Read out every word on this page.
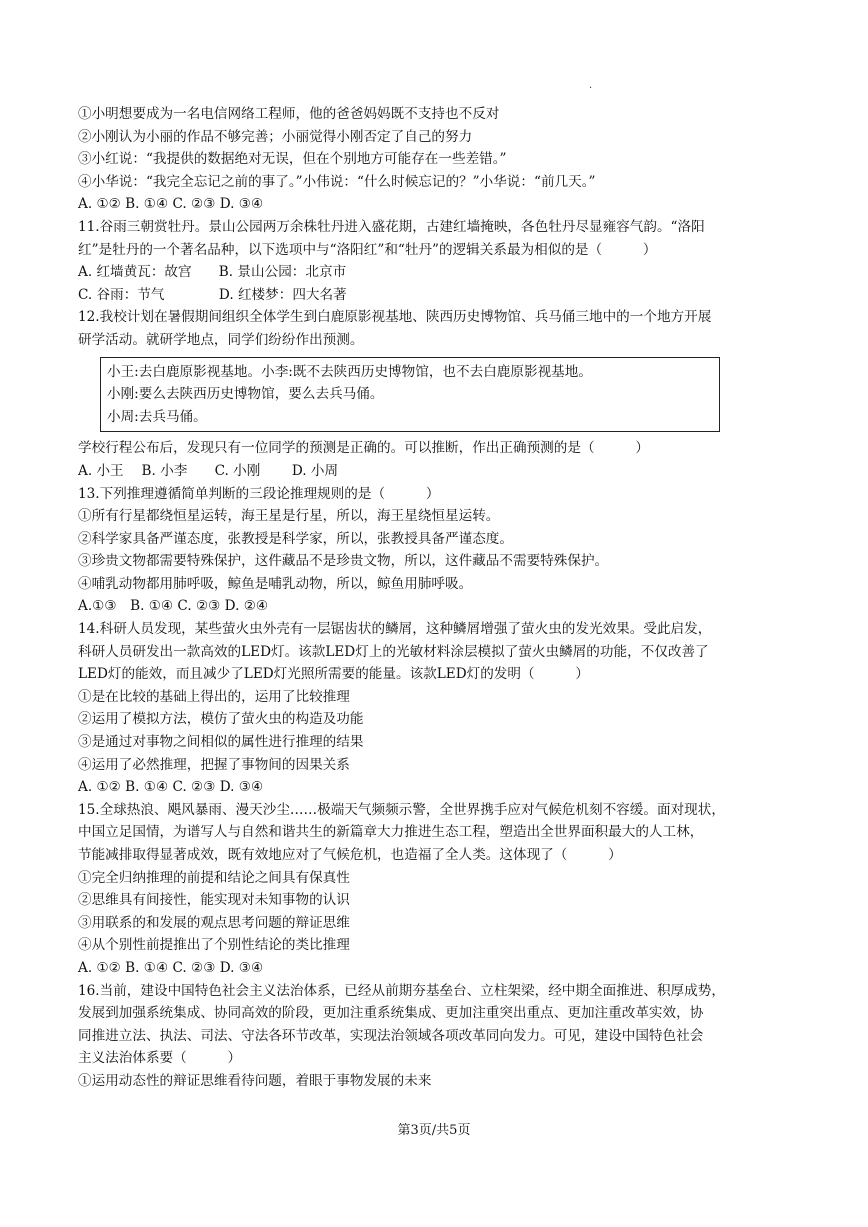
.
①小明想要成为一名电信网络工程师，他的爸爸妈妈既不支持也不反对
②小刚认为小丽的作品不够完善；小丽觉得小刚否定了自己的努力
③小红说：“我提供的数据绝对无误，但在个别地方可能存在一些差错。”
④小华说：“我完全忘记之前的事了。”小伟说：“什么时候忘记的？”小华说：“前几天。”
A. ①② B. ①④ C. ②③ D. ③④
11.谷雨三朝赏牡丹。景山公园两万余株牡丹进入盛花期，古建红墙掩映，各色牡丹尽显雍容气韵。“洛阳
红”是牡丹的一个著名品种，以下选项中与“洛阳红”和“牡丹”的逻辑关系最为相似的是（　　　）
A. 红墙黄瓦：故宫　　B. 景山公园：北京市
C. 谷雨：节气　　　　D. 红楼梦：四大名著
12.我校计划在暑假期间组织全体学生到白鹿原影视基地、陕西历史博物馆、兵马俑三地中的一个地方开展
研学活动。就研学地点，同学们纷纷作出预测。
小王:去白鹿原影视基地。小李:既不去陕西历史博物馆，也不去白鹿原影视基地。
小刚:要么去陕西历史博物馆，要么去兵马俑。
小周:去兵马俑。
学校行程公布后，发现只有一位同学的预测是正确的。可以推断，作出正确预测的是（　　　）
A. 小王　 B. 小李　　C. 小刚　　 D. 小周
13.下列推理遵循简单判断的三段论推理规则的是（　　　）
①所有行星都绕恒星运转，海王星是行星，所以，海王星绕恒星运转。
②科学家具备严谨态度，张教授是科学家，所以，张教授具备严谨态度。
③珍贵文物都需要特殊保护，这件藏品不是珍贵文物，所以，这件藏品不需要特殊保护。
④哺乳动物都用肺呼吸，鲸鱼是哺乳动物，所以，鲸鱼用肺呼吸。
A.①③　B. ①④ C. ②③ D. ②④
14.科研人员发现，某些萤火虫外壳有一层锯齿状的鳞屑，这种鳞屑增强了萤火虫的发光效果。受此启发，
科研人员研发出一款高效的LED灯。该款LED灯上的光敏材料涂层模拟了萤火虫鳞屑的功能，不仅改善了
LED灯的能效，而且减少了LED灯光照所需要的能量。该款LED灯的发明（　　　）
①是在比较的基础上得出的，运用了比较推理
②运用了模拟方法，模仿了萤火虫的构造及功能
③是通过对事物之间相似的属性进行推理的结果
④运用了必然推理，把握了事物间的因果关系
A. ①② B. ①④ C. ②③ D. ③④
15.全球热浪、飓风暴雨、漫天沙尘……极端天气频频示警，全世界携手应对气候危机刻不容缓。面对现状，
中国立足国情，为谱写人与自然和谐共生的新篇章大力推进生态工程，塑造出全世界面积最大的人工林，
节能减排取得显著成效，既有效地应对了气候危机，也造福了全人类。这体现了（　　　）
①完全归纳推理的前提和结论之间具有保真性
②思维具有间接性，能实现对未知事物的认识
③用联系的和发展的观点思考问题的辩证思维
④从个别性前提推出了个别性结论的类比推理
A. ①② B. ①④ C. ②③ D. ③④
16.当前，建设中国特色社会主义法治体系，已经从前期夯基垒台、立柱架梁，经中期全面推进、积厚成势，
发展到加强系统集成、协同高效的阶段，更加注重系统集成、更加注重突出重点、更加注重改革实效，协
同推进立法、执法、司法、守法各环节改革，实现法治领域各项改革同向发力。可见，建设中国特色社会
主义法治体系要（　　　）
①运用动态性的辩证思维看待问题，着眼于事物发展的未来
第3页/共5页
